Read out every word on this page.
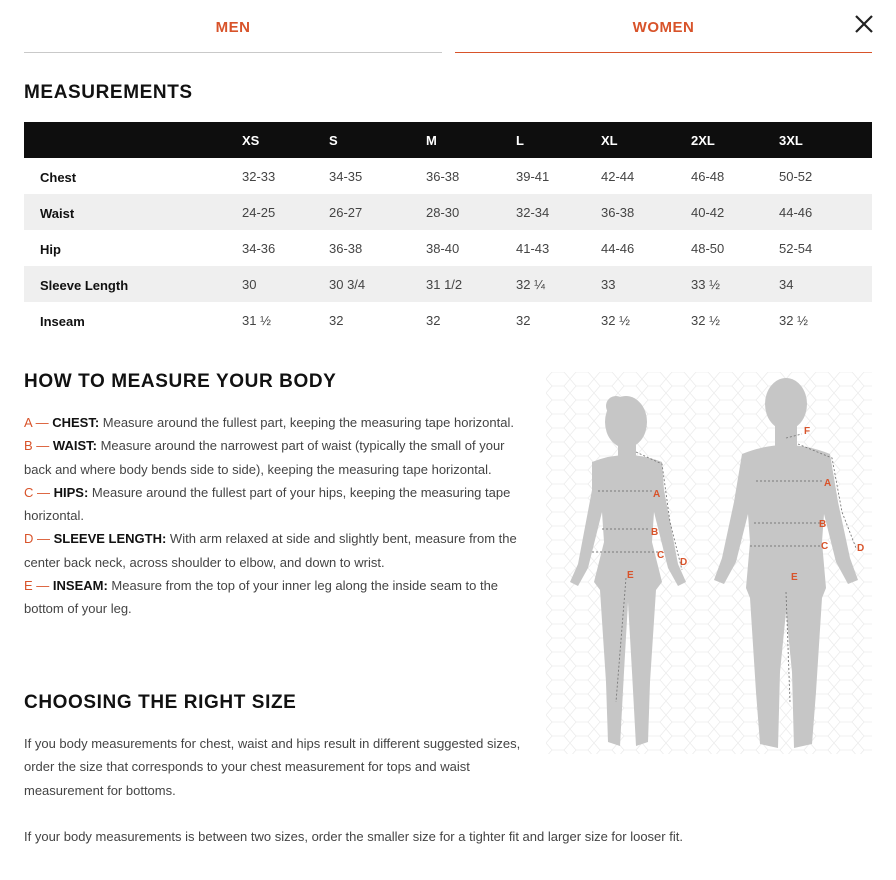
MEN	WOMEN
MEASUREMENTS
	XS	S	M	L	XL	2XL	3XL
Chest	32-33	34-35	36-38	39-41	42-44	46-48	50-52
Waist	24-25	26-27	28-30	32-34	36-38	40-42	44-46
Hip	34-36	36-38	38-40	41-43	44-46	48-50	52-54
Sleeve Length	30	30 3/4	31 1/2	32 ¼	33	33 ½	34
Inseam	31 ½	32	32	32	32 ½	32 ½	32 ½
HOW TO MEASURE YOUR BODY

A — CHEST: Measure around the fullest part, keeping the measuring tape horizontal.

B — WAIST: Measure around the narrowest part of waist (typically the small of your back and where body bends side to side), keeping the measuring tape horizontal.

C — HIPS: Measure around the fullest part of your hips, keeping the measuring tape horizontal.

D — SLEEVE LENGTH: With arm relaxed at side and slightly bent, measure from the center back neck, across shoulder to elbow, and down to wrist.

E — INSEAM: Measure from the top of your inner leg along the inside seam to the bottom of your leg.

A
B
C
D
E
F
A
B
C	D
E
CHOOSING THE RIGHT SIZE

If you body measurements for chest, waist and hips result in different suggested sizes, order the size that corresponds to your chest measurement for tops and waist measurement for bottoms.

If your body measurements is between two sizes, order the smaller size for a tighter fit and larger size for looser fit.
